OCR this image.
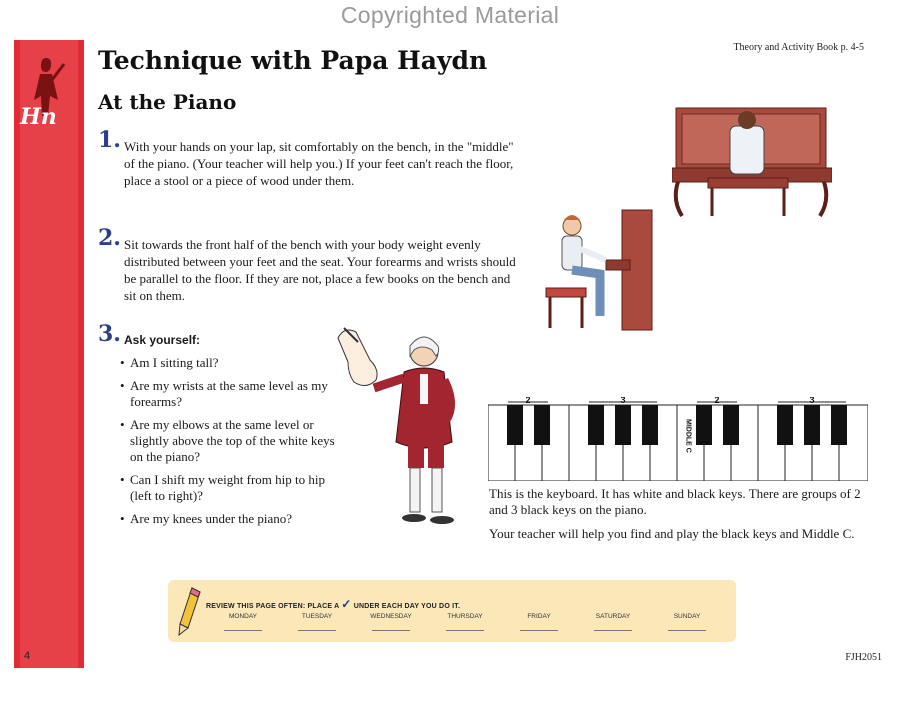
Copyrighted Material
Hn
Theory and Activity Book p. 4-5
Technique with Papa Haydn
At the Piano
1. With your hands on your lap, sit comfortably on the bench, in the "middle" of the piano. (Your teacher will help you.) If your feet can't reach the floor, place a stool or a piece of wood under them.
2. Sit towards the front half of the bench with your body weight evenly distributed between your feet and the seat. Your forearms and wrists should be parallel to the floor. If they are not, place a few books on the bench and sit on them.
3. Ask yourself:
• Am I sitting tall?
• Are my wrists at the same level as my forearms?
• Are my elbows at the same level or slightly above the top of the white keys on the piano?
• Can I shift my weight from hip to hip (left to right)?
• Are my knees under the piano?
2	3	2	3
MIDDLE C
This is the keyboard. It has white and black keys. There are groups of 2 and 3 black keys on the piano.
Your teacher will help you find and play the black keys and Middle C.
REVIEW THIS PAGE OFTEN: PLACE A ✓ UNDER EACH DAY YOU DO IT.
MONDAY	TUESDAY	WEDNESDAY	THURSDAY	FRIDAY	SATURDAY	SUNDAY
4	FJH2051
